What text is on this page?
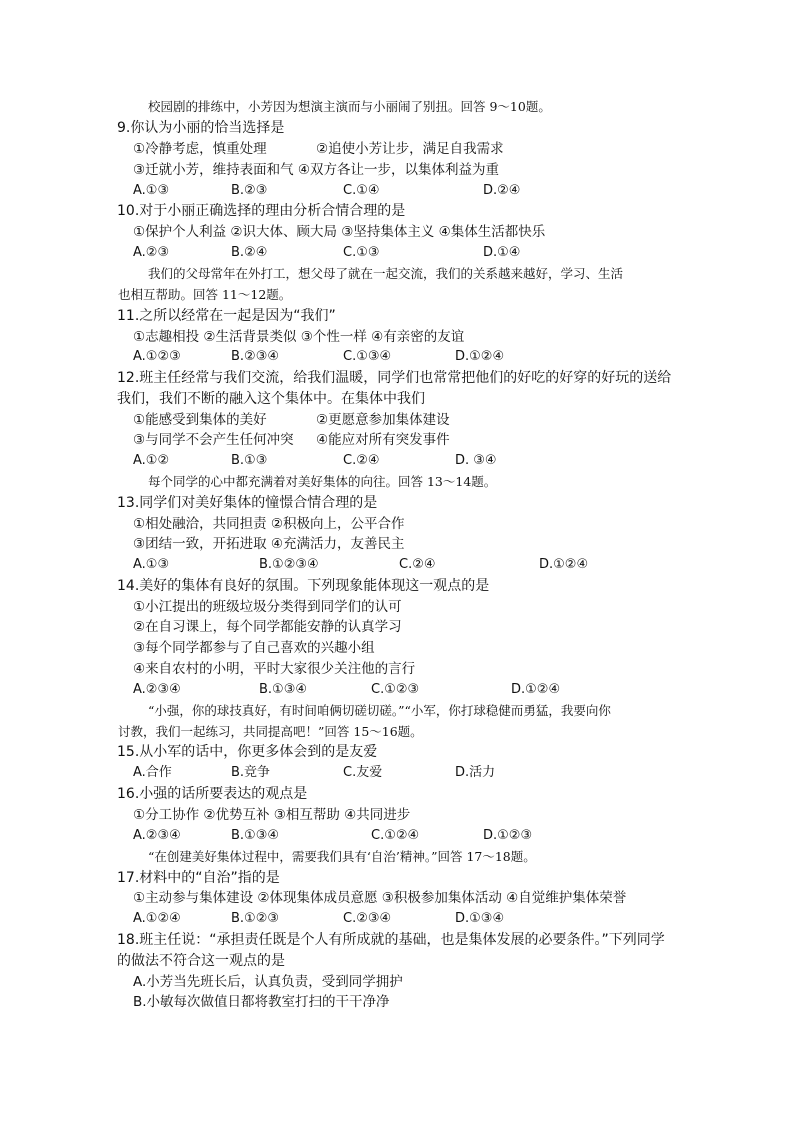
校园剧的排练中，小芳因为想演主演而与小丽闹了别扭。回答 9～10题。
9.你认为小丽的恰当选择是
①冷静考虑，慎重处理	②追使小芳让步，满足自我需求
③迁就小芳，维持表面和气 ④双方各让一步，以集体利益为重
A.①③	B.②③	C.①④	D.②④
10.对于小丽正确选择的理由分析合情合理的是
①保护个人利益 ②识大体、顾大局 ③坚持集体主义 ④集体生活都快乐
A.②③	B.②④	C.①③	D.①④
我们的父母常年在外打工，想父母了就在一起交流，我们的关系越来越好，学习、生活
也相互帮助。回答 11～12题。
11.之所以经常在一起是因为“我们”
①志趣相投 ②生活背景类似 ③个性一样 ④有亲密的友谊
A.①②③	B.②③④	C.①③④	D.①②④
12.班主任经常与我们交流，给我们温暖，同学们也常常把他们的好吃的好穿的好玩的送给
我们，我们不断的融入这个集体中。在集体中我们
①能感受到集体的美好	②更愿意参加集体建设
③与同学不会产生任何冲突 ④能应对所有突发事件
A.①②	B.①③	C.②④	D. ③④
每个同学的心中都充满着对美好集体的向往。回答 13～14题。
13.同学们对美好集体的憧憬合情合理的是
①相处融洽，共同担责 ②积极向上，公平合作
③团结一致，开拓进取 ④充满活力，友善民主
A.①③	B.①②③④	C.②④	D.①②④
14.美好的集体有良好的氛围。下列现象能体现这一观点的是
①小江提出的班级垃圾分类得到同学们的认可
②在自习课上，每个同学都能安静的认真学习
③每个同学都参与了自己喜欢的兴趣小组
④来自农村的小明，平时大家很少关注他的言行
A.②③④	B.①③④	C.①②③	D.①②④
“小强，你的球技真好，有时间咱俩切磋切磋。”“小军，你打球稳健而勇猛，我要向你
讨教，我们一起练习，共同提高吧！”回答 15～16题。
15.从小军的话中，你更多体会到的是友爱
A.合作	B.竞争	C.友爱	D.活力
16.小强的话所要表达的观点是
①分工协作 ②优势互补 ③相互帮助 ④共同进步
A.②③④	B.①③④	C.①②④	D.①②③
“在创建美好集体过程中，需要我们具有‘自治’精神。”回答 17～18题。
17.材料中的“自治”指的是
①主动参与集体建设 ②体现集体成员意愿 ③积极参加集体活动 ④自觉维护集体荣誉
A.①②④	B.①②③	C.②③④	D.①③④
18.班主任说：“承担责任既是个人有所成就的基础，也是集体发展的必要条件。”下列同学
的做法不符合这一观点的是
A.小芳当先班长后，认真负责，受到同学拥护
B.小敏每次做值日都将教室打扫的干干净净
